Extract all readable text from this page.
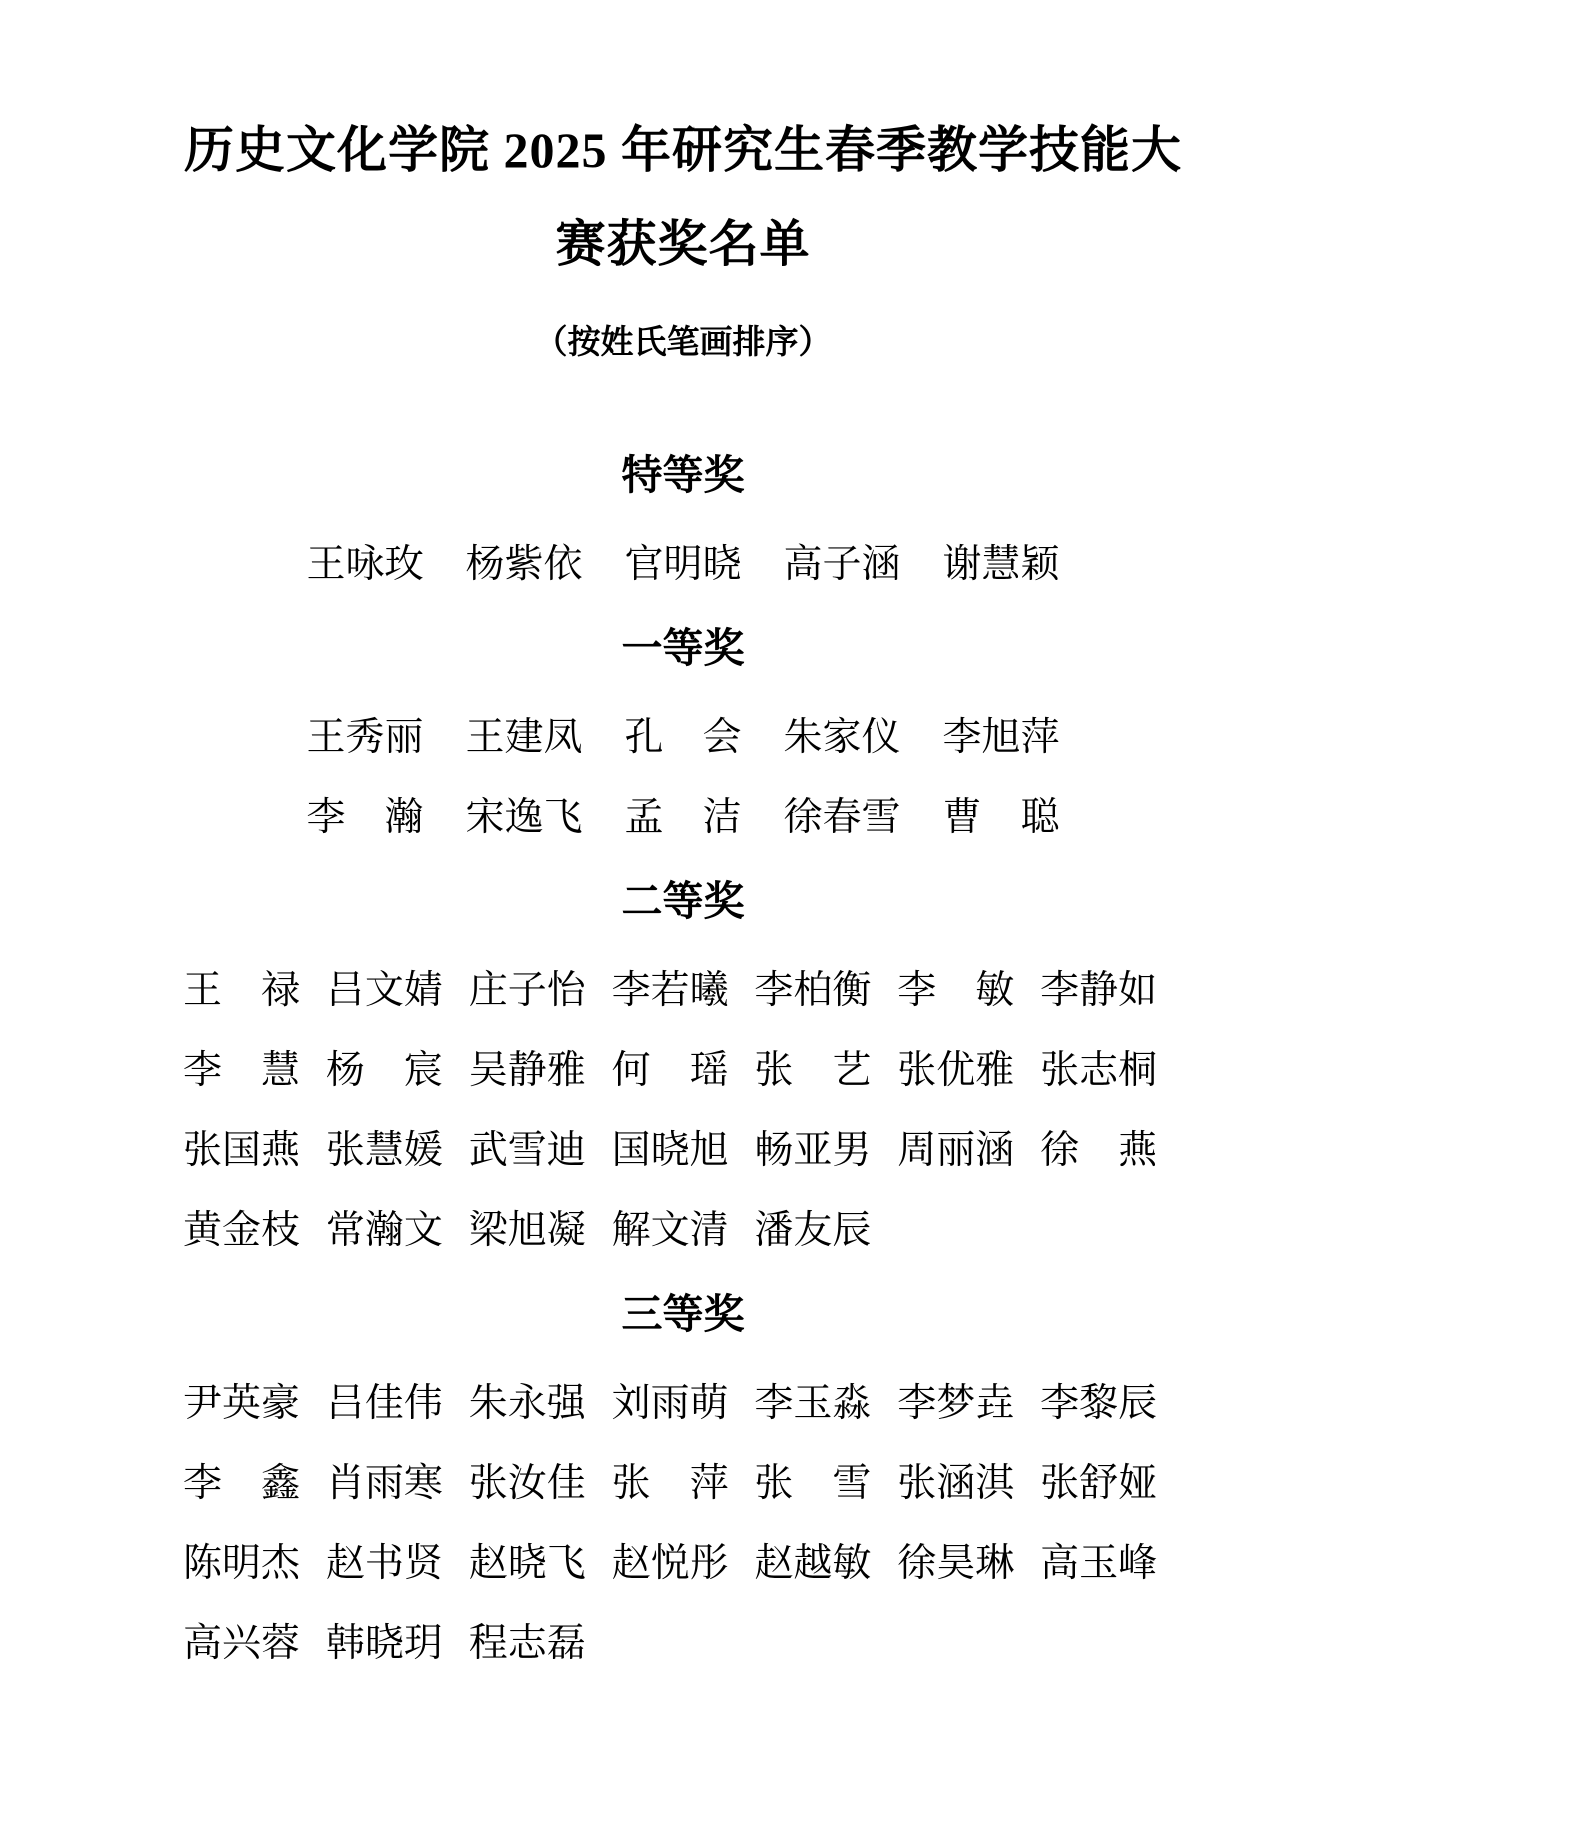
历史文化学院 2025 年研究生春季教学技能大赛获奖名单
（按姓氏笔画排序）
特等奖
王咏玫 杨紫依 官明晓 高子涵 谢慧颖
一等奖
王秀丽 王建凤 孔　会 朱家仪 李旭萍
李　瀚 宋逸飞 孟　洁 徐春雪 曹　聪
二等奖
王　禄 吕文婧 庄子怡 李若曦 李柏衡 李　敏 李静如
李　慧 杨　宸 吴静雅 何　瑶 张　艺 张优雅 张志桐
张国燕 张慧媛 武雪迪 国晓旭 畅亚男 周丽涵 徐　燕
黄金枝 常瀚文 梁旭凝 解文清 潘友辰
三等奖
尹英豪 吕佳伟 朱永强 刘雨萌 李玉淼 李梦垚 李黎辰
李　鑫 肖雨寒 张汝佳 张　萍 张　雪 张涵淇 张舒娅
陈明杰 赵书贤 赵晓飞 赵悦彤 赵越敏 徐昊琳 高玉峰
高兴蓉 韩晓玥 程志磊
